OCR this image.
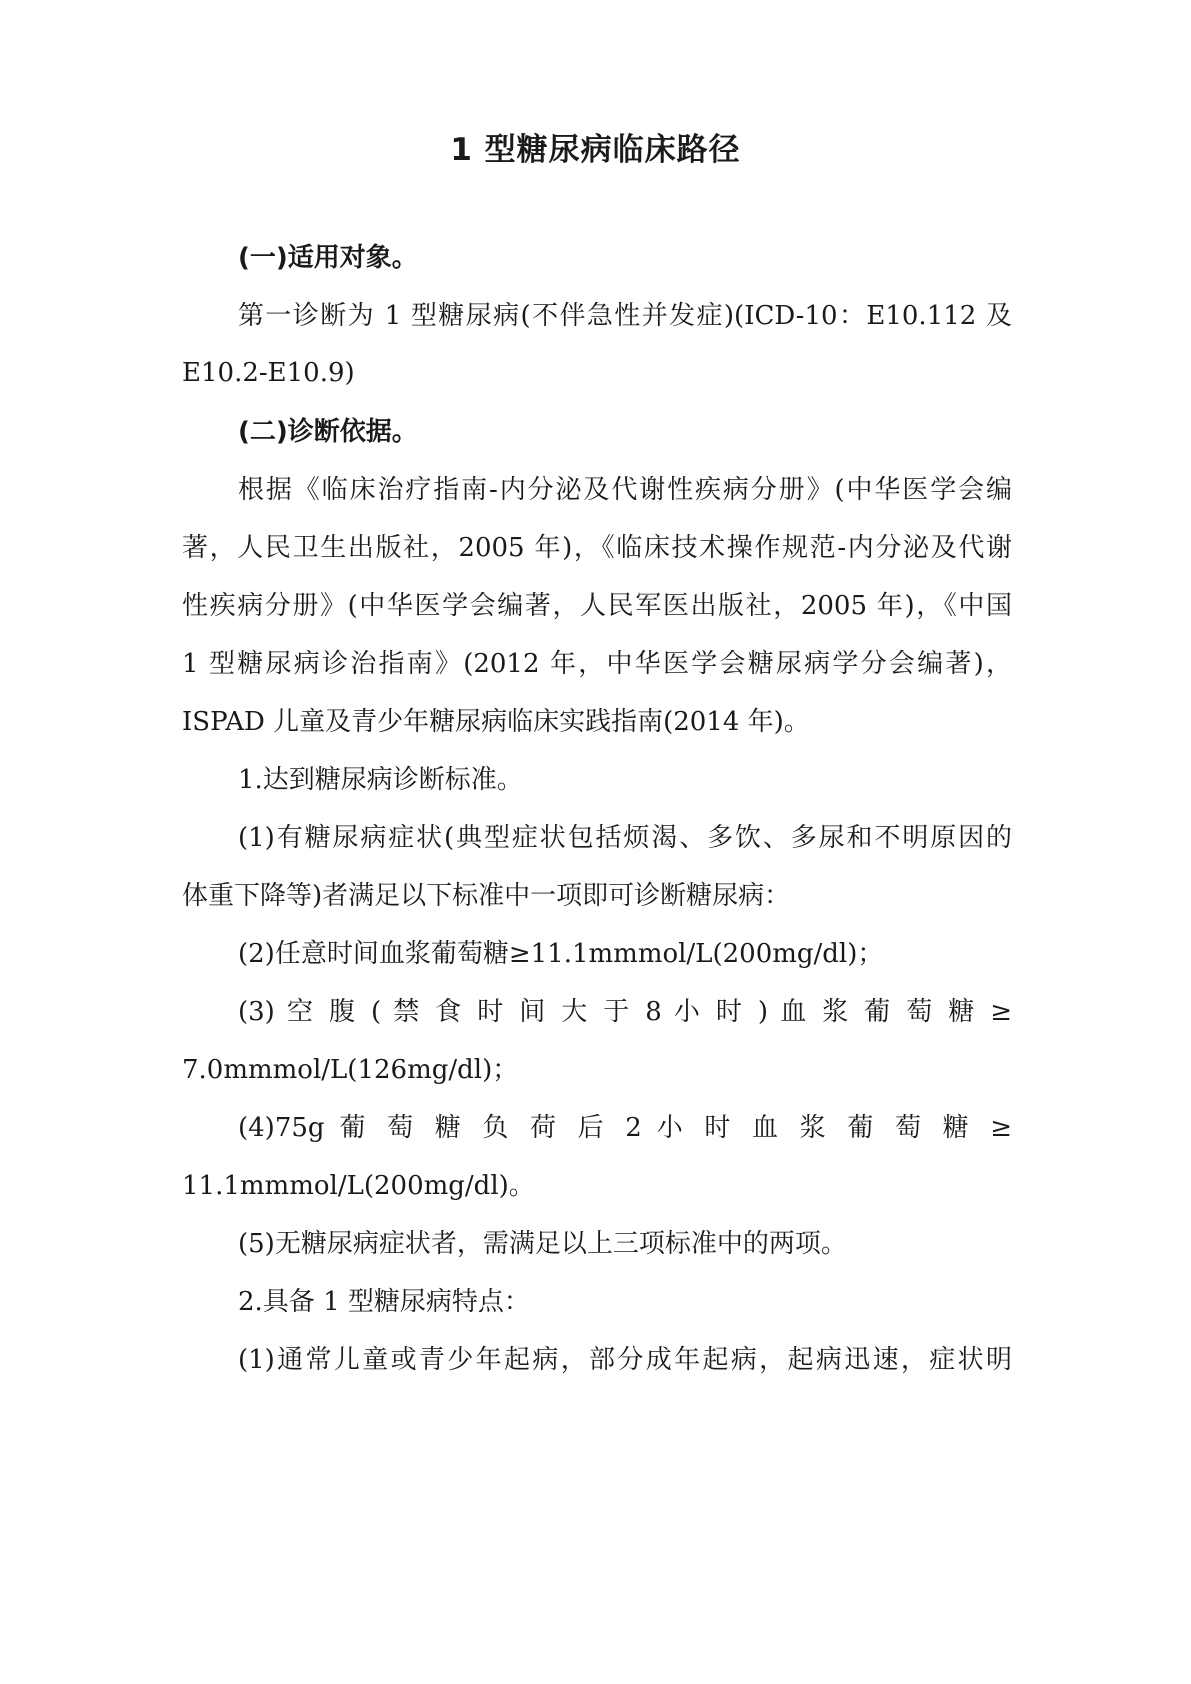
1 型糖尿病临床路径
(一)适用对象。
第一诊断为 1 型糖尿病(不伴急性并发症)(ICD-10：E10.112 及
E10.2-E10.9)
(二)诊断依据。
根据《临床治疗指南-内分泌及代谢性疾病分册》(中华医学会编
著，人民卫生出版社，2005 年)，《临床技术操作规范-内分泌及代谢
性疾病分册》(中华医学会编著，人民军医出版社，2005 年)，《中国
1 型糖尿病诊治指南》(2012 年，中华医学会糖尿病学分会编著)，
ISPAD 儿童及青少年糖尿病临床实践指南(2014 年)。
1.达到糖尿病诊断标准。
(1)有糖尿病症状(典型症状包括烦渴、多饮、多尿和不明原因的
体重下降等)者满足以下标准中一项即可诊断糖尿病：
(2)任意时间血浆葡萄糖≥11.1mmmol/L(200mg/dl)；
(3) 空 腹 ( 禁 食 时 间 大 于 8 小 时 ) 血 浆 葡 萄 糖 ≥
7.0mmmol/L(126mg/dl)；
(4)75g 葡 萄 糖 负 荷 后 2 小 时 血 浆 葡 萄 糖 ≥
11.1mmmol/L(200mg/dl)。
(5)无糖尿病症状者，需满足以上三项标准中的两项。
2.具备 1 型糖尿病特点：
(1)通常儿童或青少年起病，部分成年起病，起病迅速，症状明
